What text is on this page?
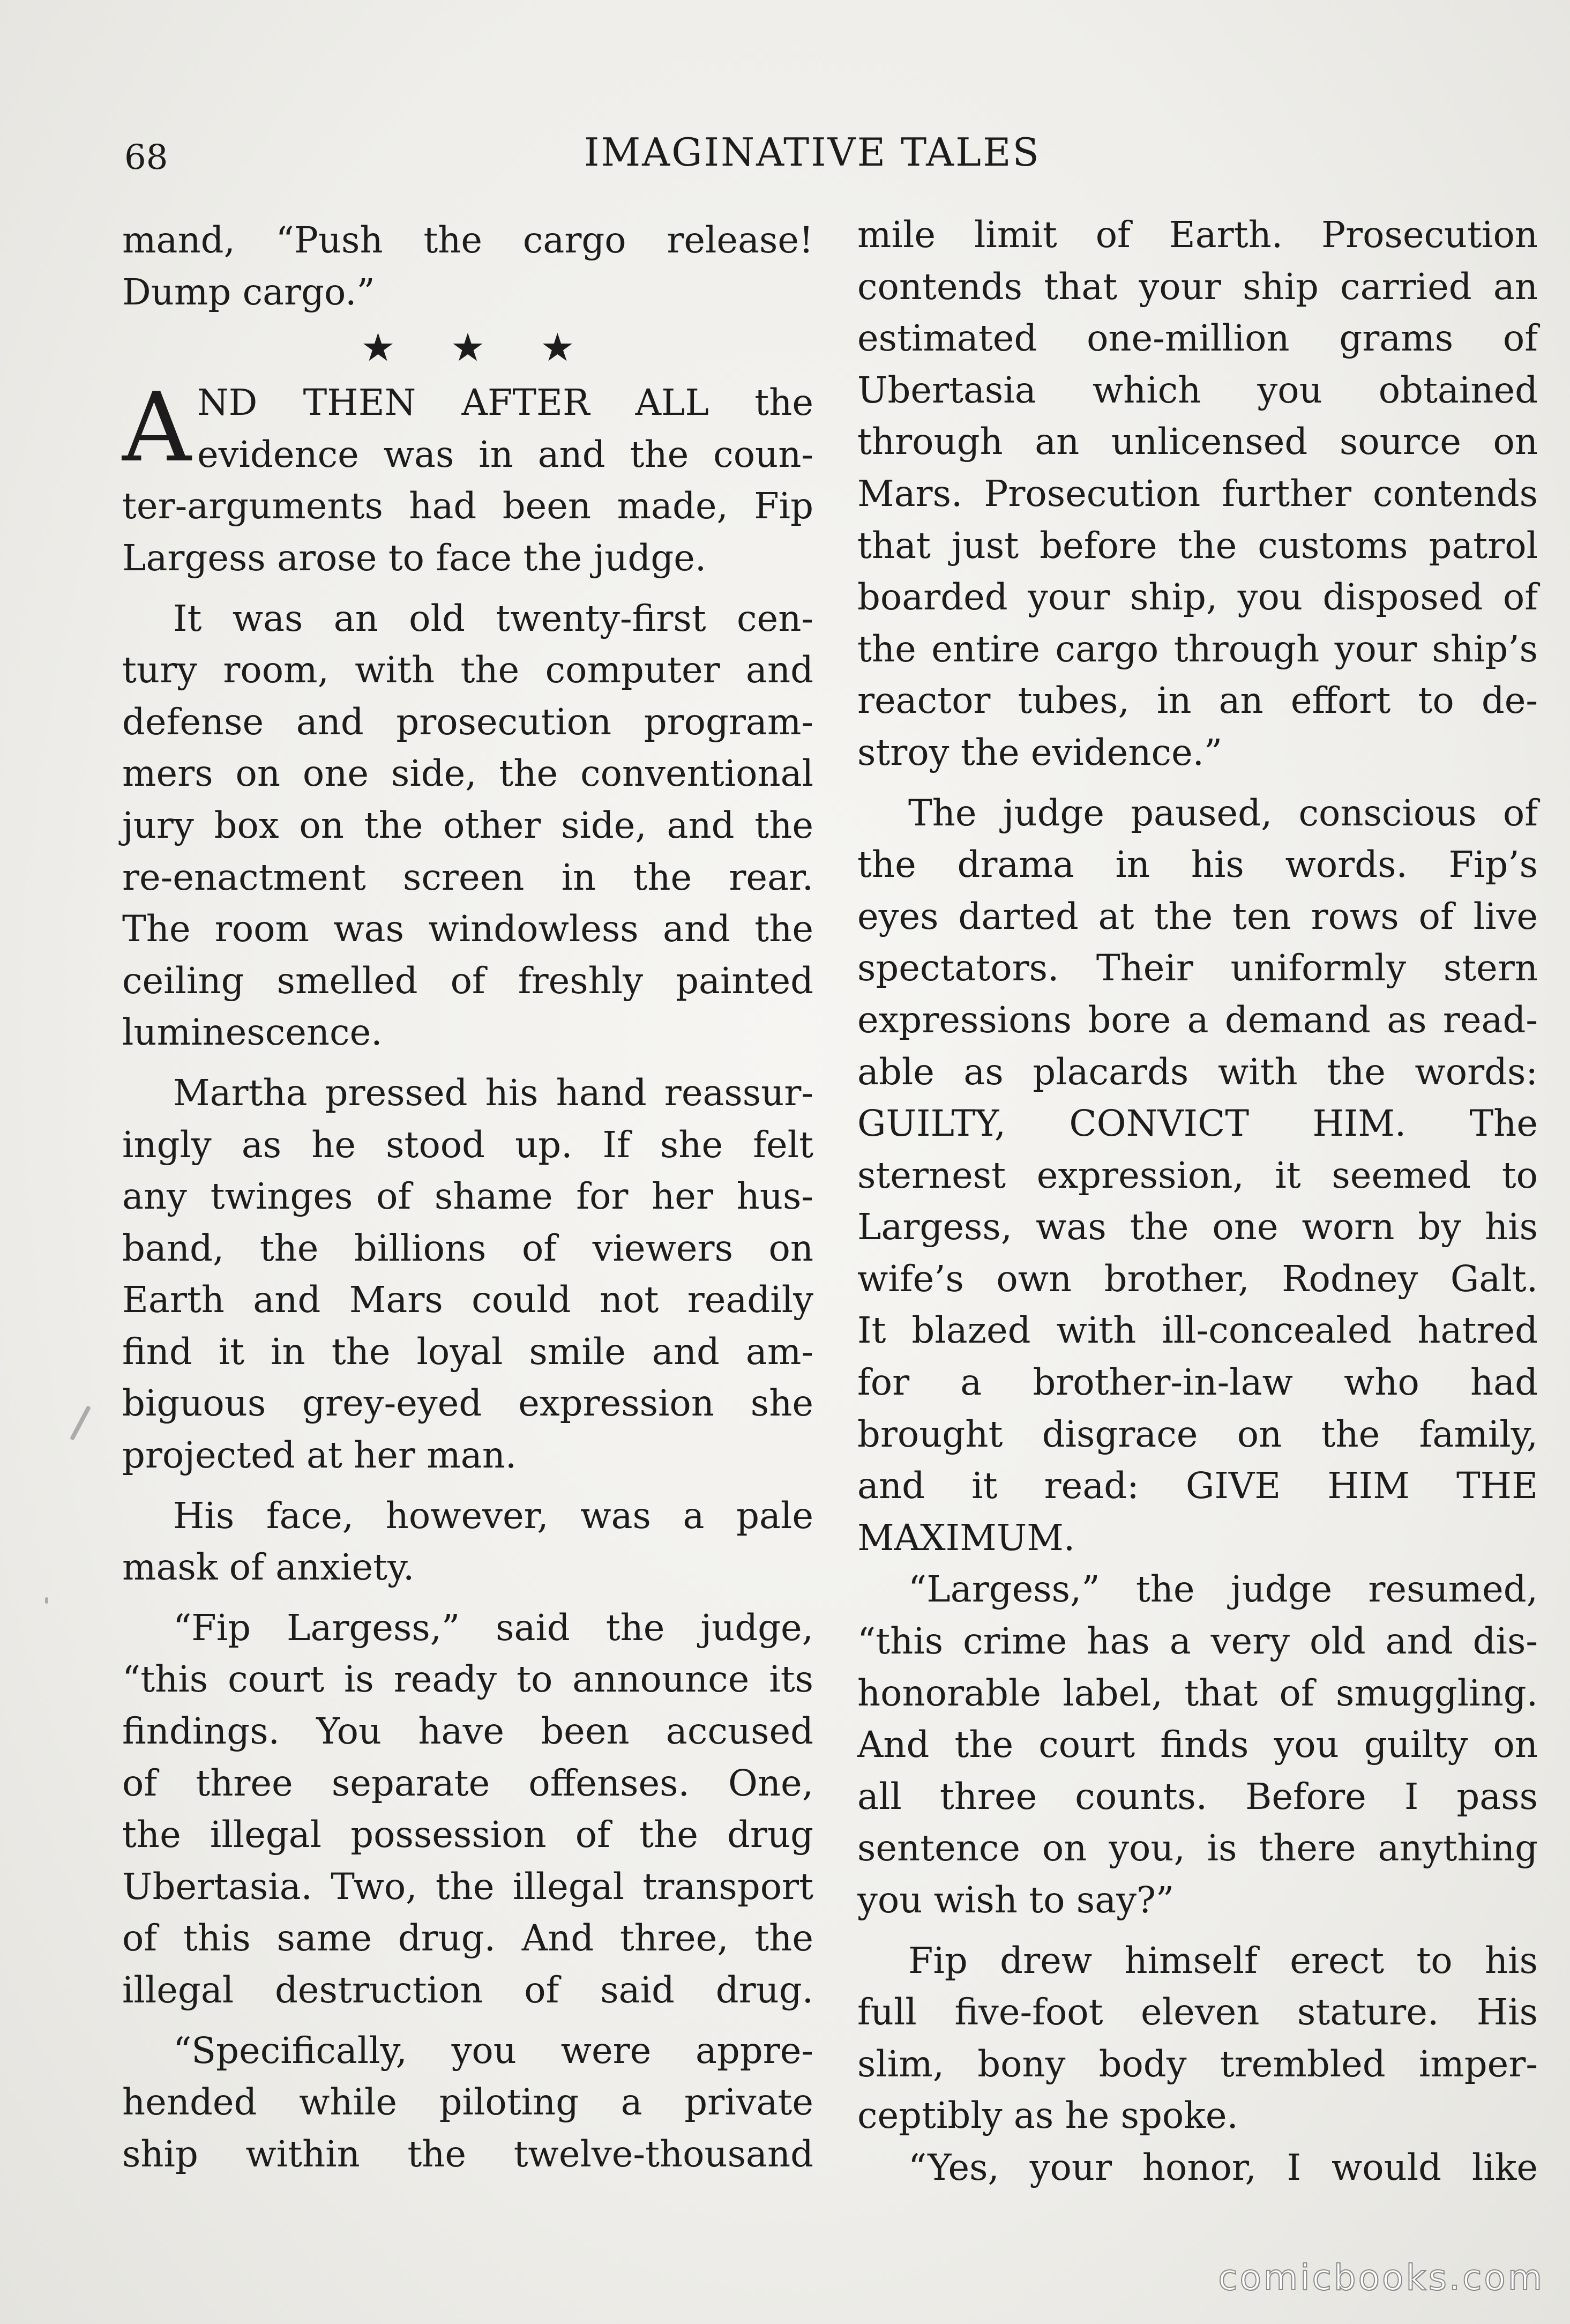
68	IMAGINATIVE TALES
mand, “Push the cargo release!
Dump cargo.”
★ ★ ★
A ND THEN AFTER ALL the
evidence was in and the coun-
ter-arguments had been made, Fip
Largess arose to face the judge.
It was an old twenty-first cen-
tury room, with the computer and
defense and prosecution program-
mers on one side, the conventional
jury box on the other side, and the
re-enactment screen in the rear.
The room was windowless and the
ceiling smelled of freshly painted
luminescence.
Martha pressed his hand reassur-
ingly as he stood up. If she felt
any twinges of shame for her hus-
band, the billions of viewers on
Earth and Mars could not readily
find it in the loyal smile and am-
biguous grey-eyed expression she
projected at her man.
His face, however, was a pale
mask of anxiety.
“Fip Largess,” said the judge,
“this court is ready to announce its
findings. You have been accused
of three separate offenses. One,
the illegal possession of the drug
Ubertasia. Two, the illegal transport
of this same drug. And three, the
illegal destruction of said drug.
“Specifically, you were appre-
hended while piloting a private
ship within the twelve-thousand
mile limit of Earth. Prosecution
contends that your ship carried an
estimated one-million grams of
Ubertasia which you obtained
through an unlicensed source on
Mars. Prosecution further contends
that just before the customs patrol
boarded your ship, you disposed of
the entire cargo through your ship’s
reactor tubes, in an effort to de-
stroy the evidence.”
The judge paused, conscious of
the drama in his words. Fip’s
eyes darted at the ten rows of live
spectators. Their uniformly stern
expressions bore a demand as read-
able as placards with the words:
GUILTY, CONVICT HIM. The
sternest expression, it seemed to
Largess, was the one worn by his
wife’s own brother, Rodney Galt.
It blazed with ill-concealed hatred
for a brother-in-law who had
brought disgrace on the family,
and it read: GIVE HIM THE
MAXIMUM.
“Largess,” the judge resumed,
“this crime has a very old and dis-
honorable label, that of smuggling.
And the court finds you guilty on
all three counts. Before I pass
sentence on you, is there anything
you wish to say?”
Fip drew himself erect to his
full five-foot eleven stature. His
slim, bony body trembled imper-
ceptibly as he spoke.
“Yes, your honor, I would like
comicbooks.com
